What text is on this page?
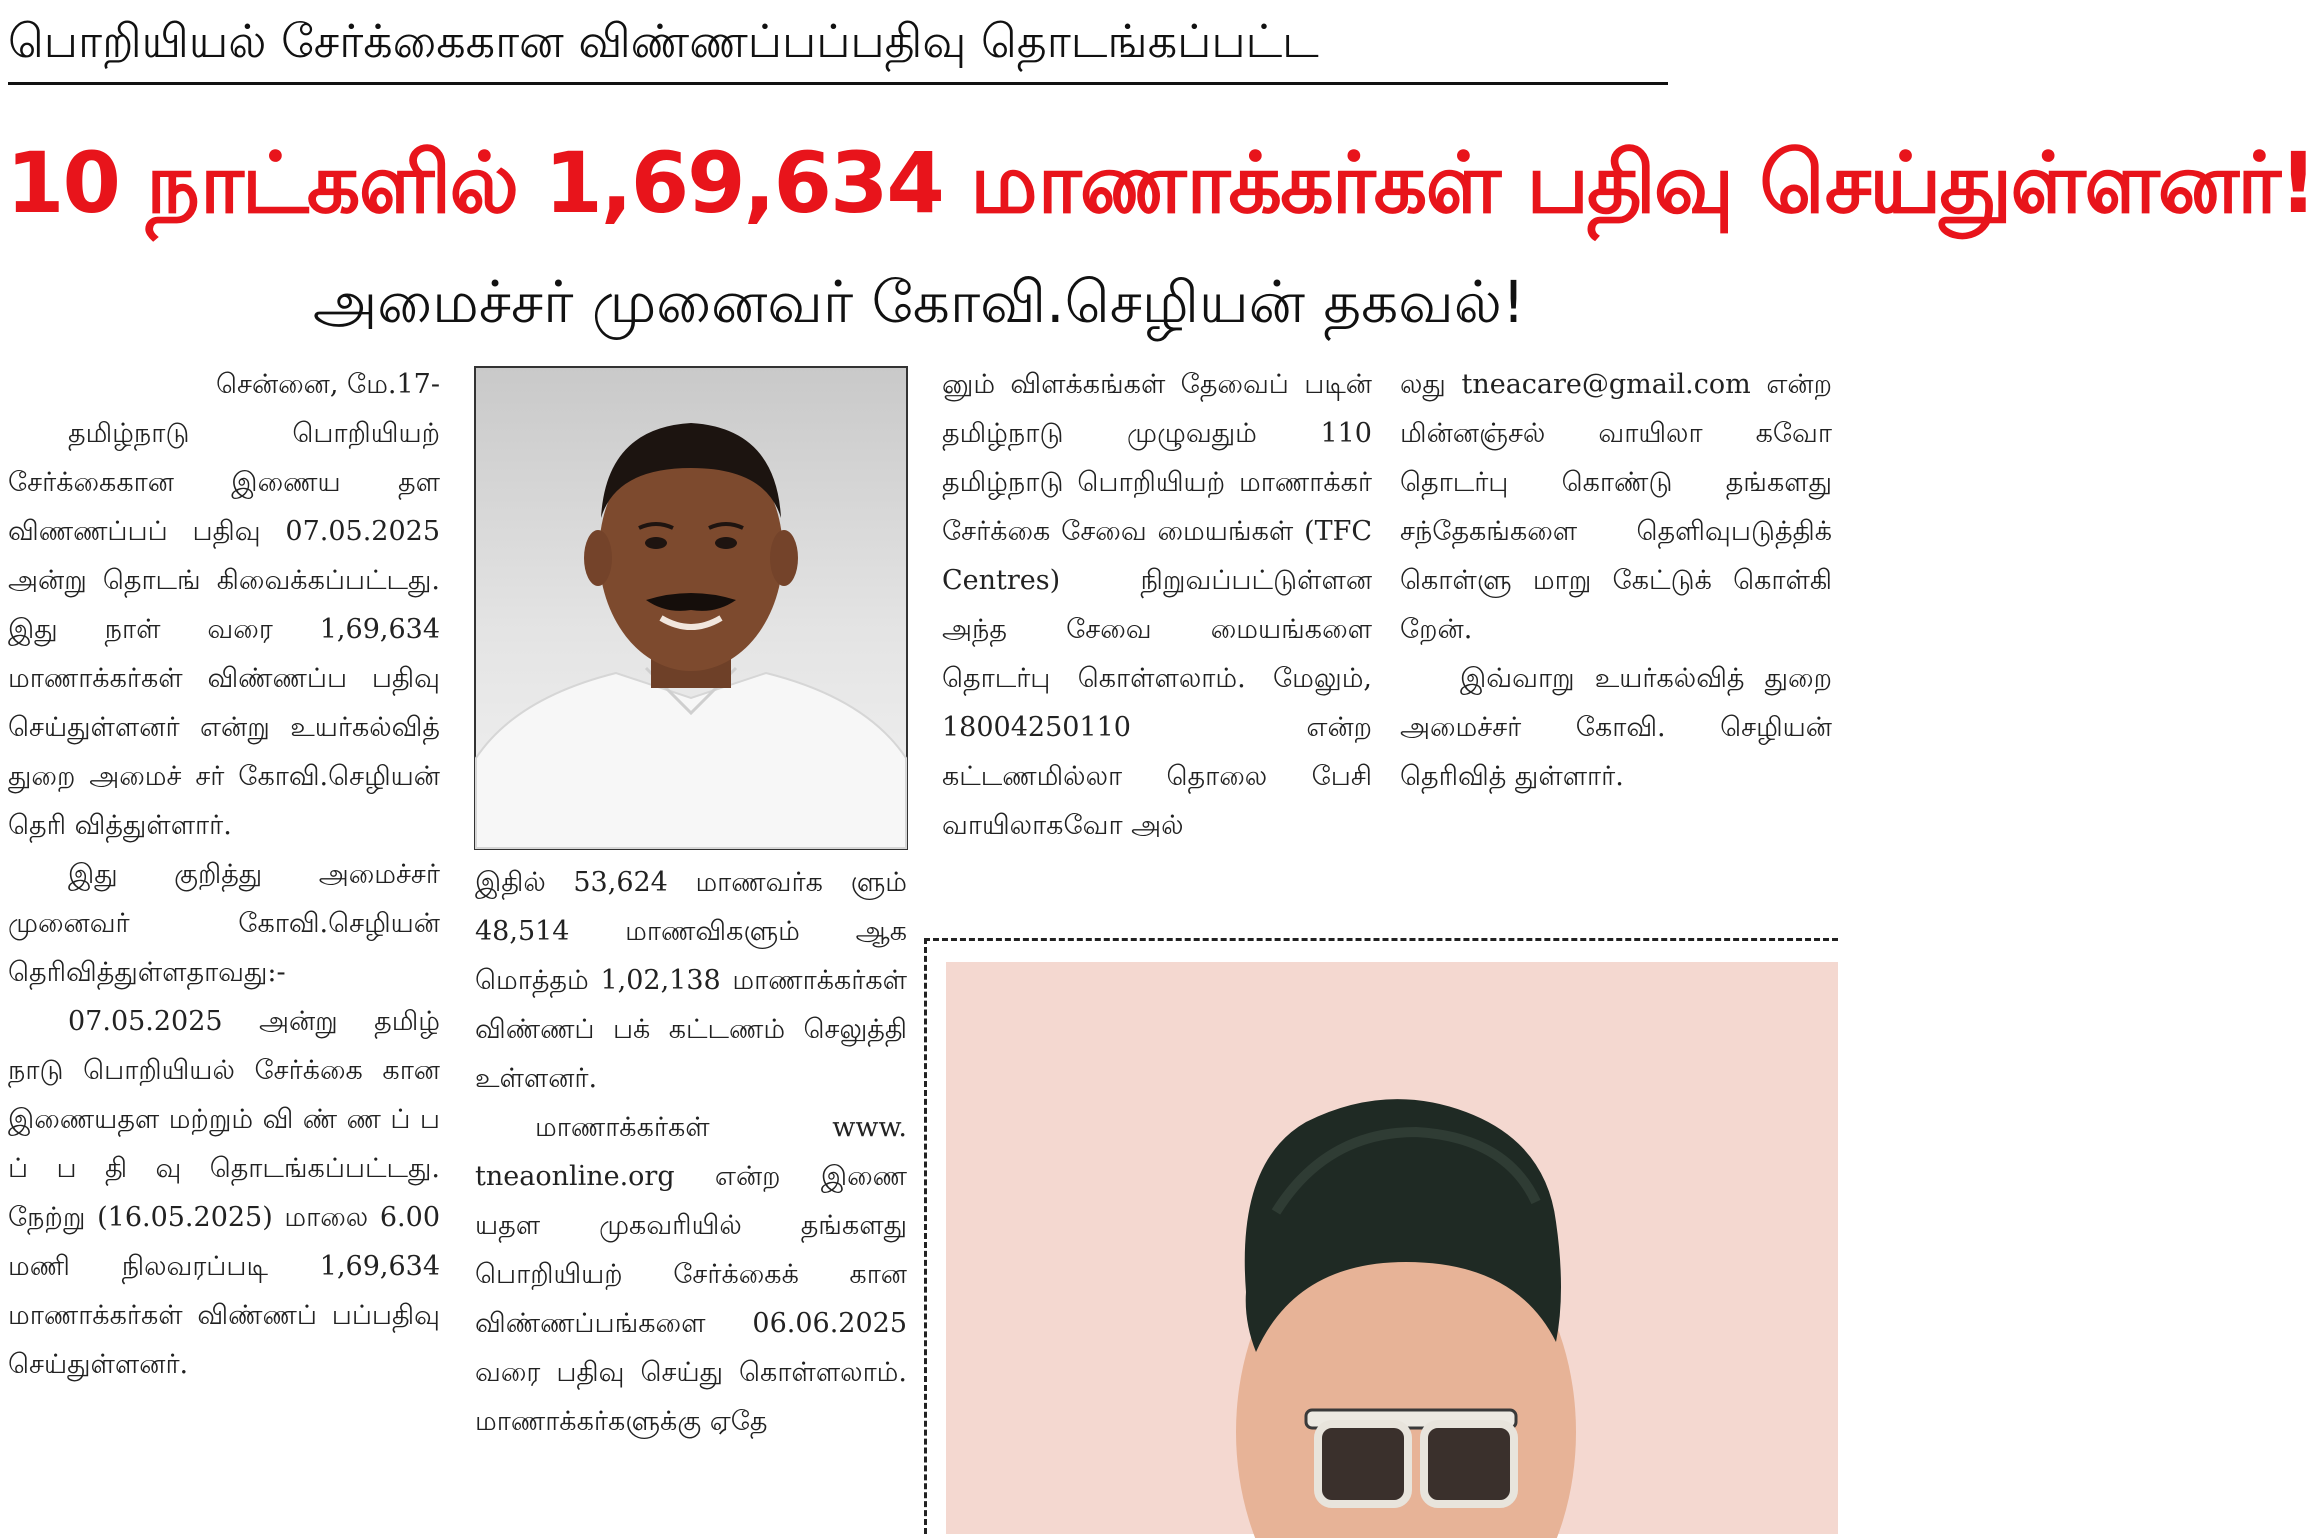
பொறியியல் சேர்க்கைகான விண்ணப்பப்பதிவு தொடங்கப்பட்ட
10 நாட்களில் 1,69,634 மாணாக்கர்கள் பதிவு செய்துள்ளனர்!
அமைச்சர் முனைவர் கோவி.செழியன் தகவல்!

சென்னை, மே.17-

தமிழ்நாடு பொறியியற் சேர்க்கைகான இணைய தள விணணப்பப் பதிவு 07.05.2025 அன்று தொடங் கிவைக்கப்பட்டது. இது நாள் வரை 1,69,634 மாணாக்கர்கள் விண்ணப்ப பதிவு செய்துள்ளனர் என்று உயர்கல்வித் துறை அமைச் சர் கோவி.செழியன் தெரி வித்துள்ளார்.

இது குறித்து அமைச்சர் முனைவர் கோவி.செழியன் தெரிவித்துள்ளதாவது:-

07.05.2025 அன்று தமிழ் நாடு பொறியியல் சேர்க்கை கான இணையதள மற்றும் வி ண் ண ப் ப ப் ப தி வு தொடங்கப்பட்டது. நேற்று (16.05.2025) மாலை 6.00 மணி நிலவரப்படி 1,69,634 மாணாக்கர்கள் விண்ணப் பப்பதிவு செய்துள்ளனர்.

இதில் 53,624 மாணவர்க ளும் 48,514 மாணவிகளும் ஆக மொத்தம் 1,02,138 மாணாக்கர்கள் விண்ணப் பக் கட்டணம் செலுத்தி உள்ளனர்.

மாணாக்கர்கள் www. tneaonline.org என்ற இணை யதள முகவரியில் தங்களது பொறியியற் சேர்க்கைக் கான விண்ணப்பங்களை 06.06.2025 வரை பதிவு செய்து கொள்ளலாம். மாணாக்கர்களுக்கு ஏதே

னும் விளக்கங்கள் தேவைப் படின் தமிழ்நாடு முழுவதும் 110 தமிழ்நாடு பொறியியற் மாணாக்கர் சேர்க்கை சேவை மையங்கள் (TFC Centres) நிறுவப்பட்டுள்ளன அந்த சேவை மையங்களை தொடர்பு கொள்ளலாம். மேலும், 18004250110 என்ற கட்டணமில்லா தொலை பேசி வாயிலாகவோ அல்

லது tneacare@gmail.com என்ற மின்னஞ்சல் வாயிலா கவோ தொடர்பு கொண்டு தங்களது சந்தேகங்களை தெளிவுபடுத்திக் கொள்ளு மாறு கேட்டுக் கொள்கி றேன்.

இவ்வாறு உயர்கல்வித் துறை அமைச்சர் கோவி. செழியன் தெரிவித் துள்ளார்.
